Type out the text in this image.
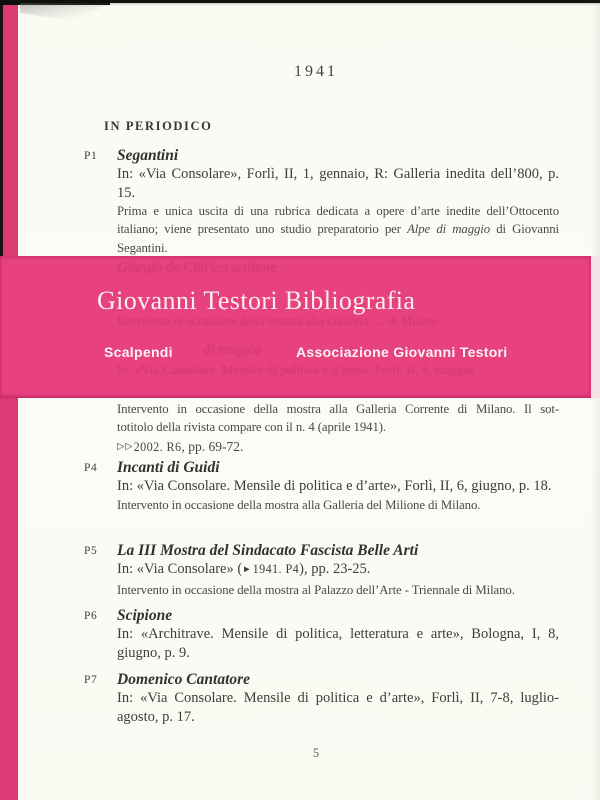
1941
IN PERIODICO
P1 Segantini

In: «Via Consolare», Forlì, II, 1, gennaio, R: Galleria inedita dell’800, p. 15.

Prima e unica uscita di una rubrica dedicata a opere d’arte inedite dell’Ottocento italiano; viene presentato uno studio preparatorio per Alpe di maggio di Giovanni Segantini.

Intervento in occasione della mostra alla Galleria Corrente di Milano. Il sot-
totitolo della rivista compare con il n. 4 (aprile 1941).

▷▷2002. R6, pp. 69-72.

P4 Incanti di Guidi

In: «Via Consolare. Mensile di politica e d’arte», Forlì, II, 6, giugno, p. 18.

Intervento in occasione della mostra alla Galleria del Milione di Milano.

P5 La III Mostra del Sindacato Fascista Belle Arti

In: «Via Consolare» (►1941. P4), pp. 23-25.

Intervento in occasione della mostra al Palazzo dell’Arte - Triennale di Milano.

P6 Scipione

In: «Architrave. Mensile di politica, letteratura e arte», Bologna, I, 8, giugno, p. 9.

P7 Domenico Cantatore

In: «Via Consolare. Mensile di politica e d’arte», Forlì, II, 7-8, luglio-agosto, p. 17.

5
Giorgio de Chirico scultore
Intervento in occasione della mostra alla Galleria … di Milano
di maggio
In: «Via Consolare. Mensile di politica e d’arte», Forlì, II, 5, maggio
Giovanni Testori Bibliografia
Scalpendi	Associazione Giovanni Testori
